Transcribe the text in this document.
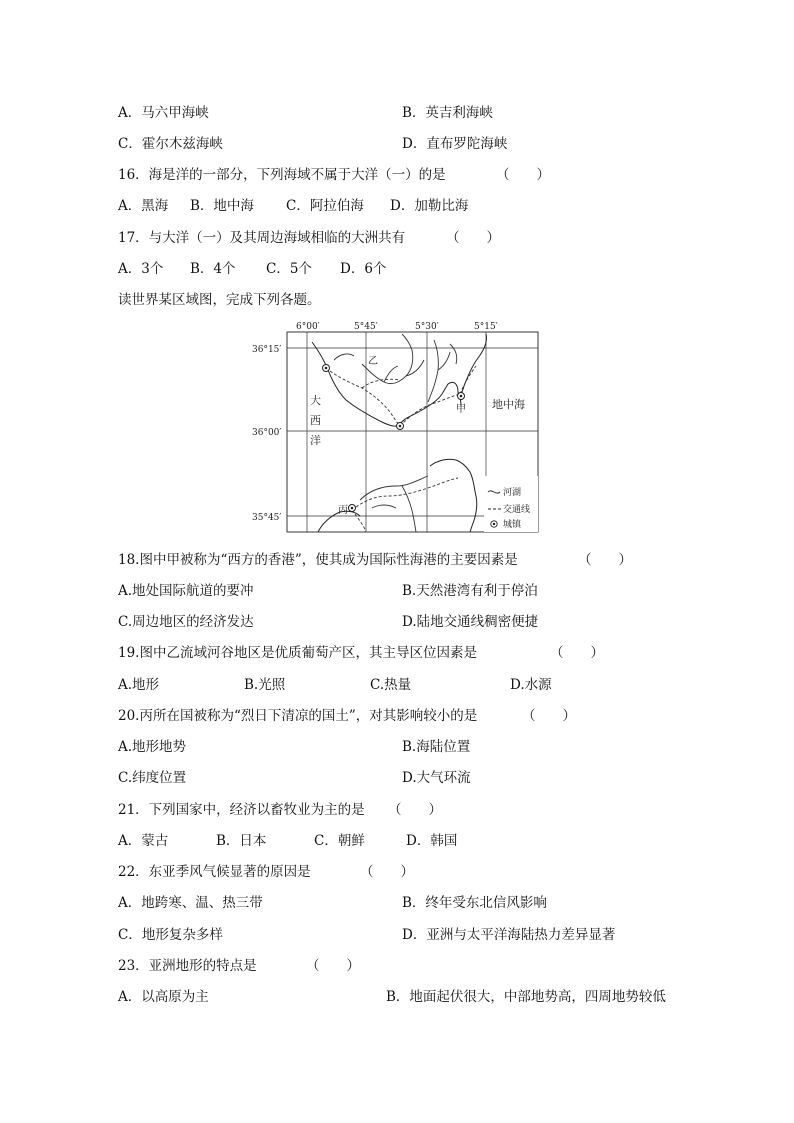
A．马六甲海峡	B．英吉利海峡
C．霍尔木兹海峡	D．直布罗陀海峡
16．海是洋的一部分，下列海域不属于大洋（一）的是	（　　）
A．黑海 B．地中海 C．阿拉伯海 D．加勒比海
17．与大洋（一）及其周边海域相临的大洲共有	（　　）
A．3个 B．4个 C．5个 D．6个
读世界某区域图，完成下列各题。
6°00′	5°45′	5°30′	5°15′
36°15′
36°00′
35°45′
乙
甲
丙
大
西
洋
地中海
河湖
交通线
城镇
18.图中甲被称为“西方的香港”，使其成为国际性海港的主要因素是	（　　）
A.地处国际航道的要冲	B.天然港湾有利于停泊
C.周边地区的经济发达	D.陆地交通线稠密便捷
19.图中乙流域河谷地区是优质葡萄产区，其主导区位因素是	（　　）
A.地形	B.光照	C.热量	D.水源
20.丙所在国被称为“烈日下清凉的国土”，对其影响较小的是	（　　）
A.地形地势	B.海陆位置
C.纬度位置	D.大气环流
21．下列国家中，经济以畜牧业为主的是 （　　）
A．蒙古	B．日本	C．朝鲜	D．韩国
22．东亚季风气候显著的原因是	（　　）
A．地跨寒、温、热三带	B．终年受东北信风影响
C．地形复杂多样	D．亚洲与太平洋海陆热力差异显著
23．亚洲地形的特点是	（　　）
A．以高原为主	B．地面起伏很大，中部地势高，四周地势较低
